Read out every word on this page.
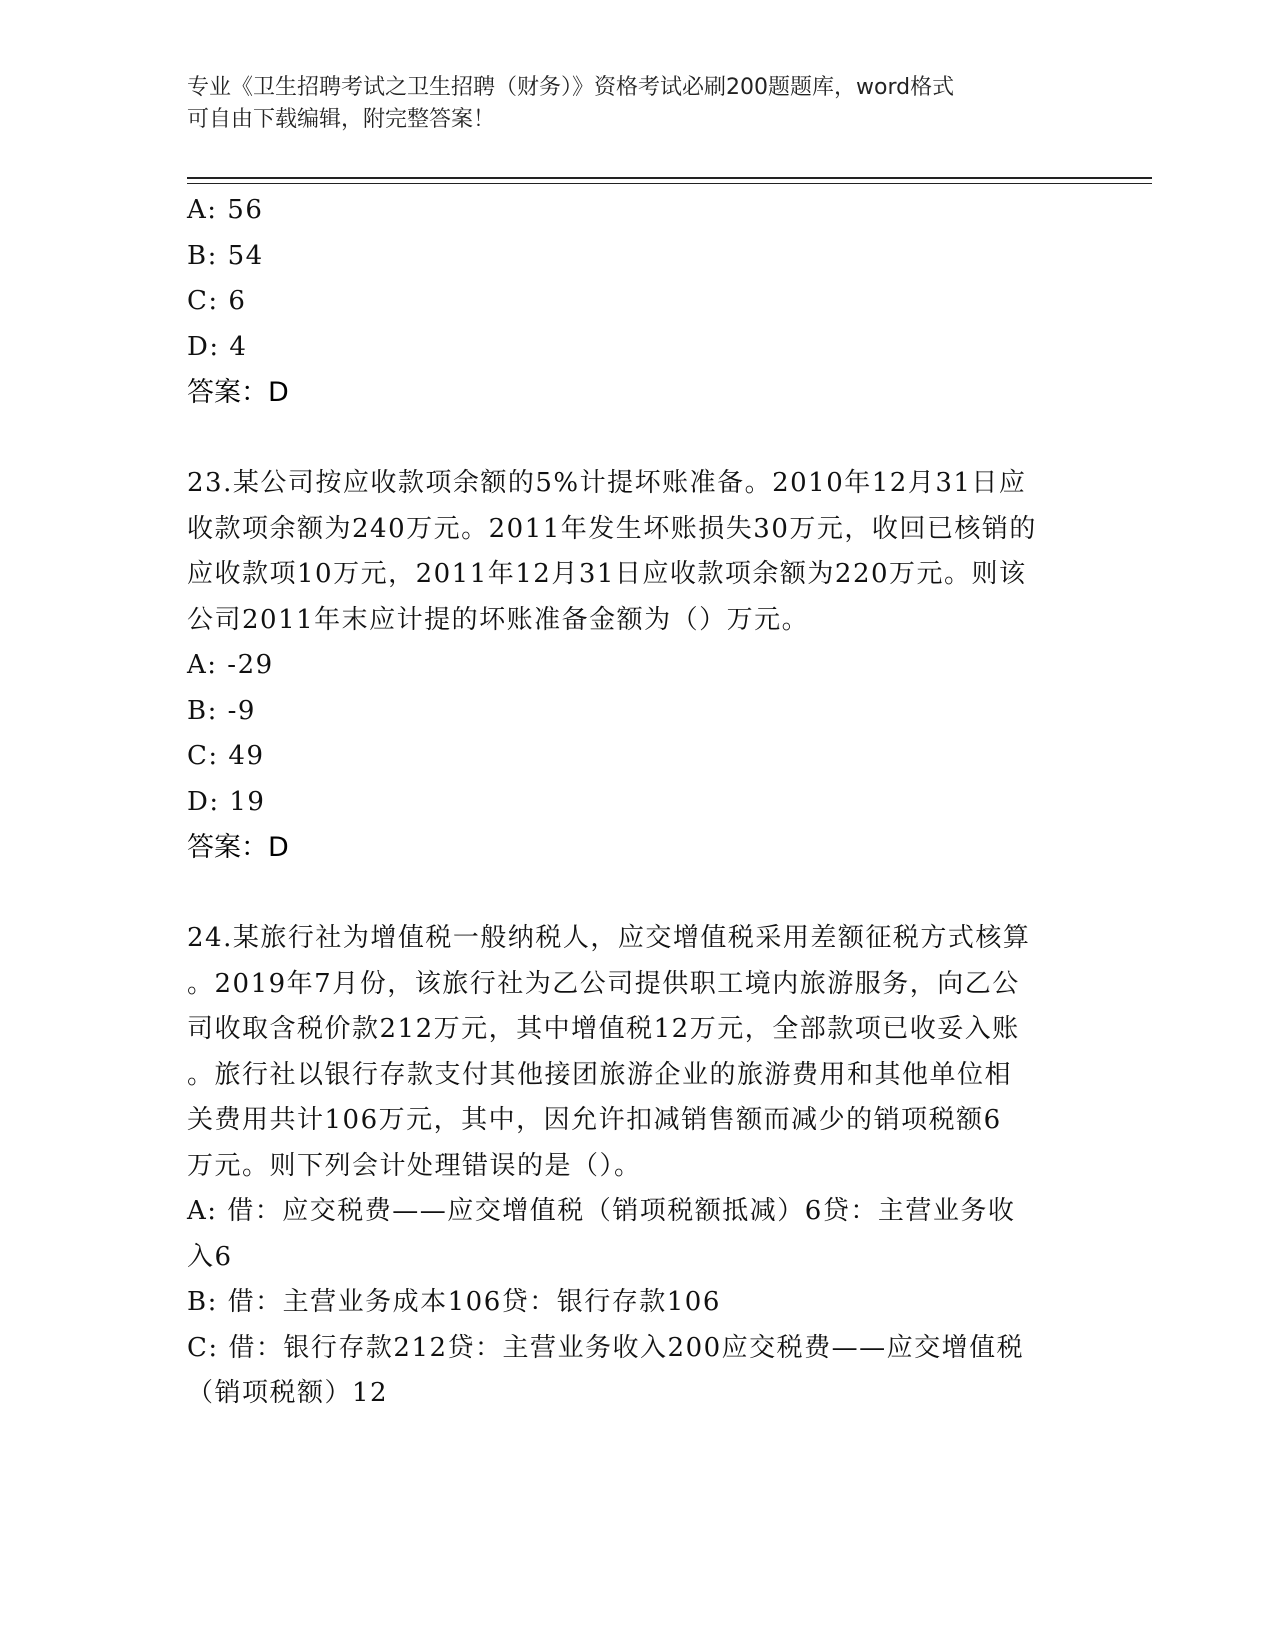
专业《卫生招聘考试之卫生招聘（财务）》资格考试必刷200题题库，word格式
可自由下载编辑，附完整答案！
A: 56
B: 54
C: 6
D: 4
答案：D
23.某公司按应收款项余额的5%计提坏账准备。2010年12月31日应
收款项余额为240万元。2011年发生坏账损失30万元，收回已核销的
应收款项10万元，2011年12月31日应收款项余额为220万元。则该
公司2011年末应计提的坏账准备金额为（）万元。
A: -29
B: -9
C: 49
D: 19
答案：D
24.某旅行社为增值税一般纳税人，应交增值税采用差额征税方式核算
。2019年7月份，该旅行社为乙公司提供职工境内旅游服务，向乙公
司收取含税价款212万元，其中增值税12万元，全部款项已收妥入账
。旅行社以银行存款支付其他接团旅游企业的旅游费用和其他单位相
关费用共计106万元，其中，因允许扣减销售额而减少的销项税额6
万元。则下列会计处理错误的是（）。
A: 借：应交税费——应交增值税（销项税额抵减）6贷：主营业务收
入6
B: 借：主营业务成本106贷：银行存款106
C: 借：银行存款212贷：主营业务收入200应交税费——应交增值税
（销项税额）12
